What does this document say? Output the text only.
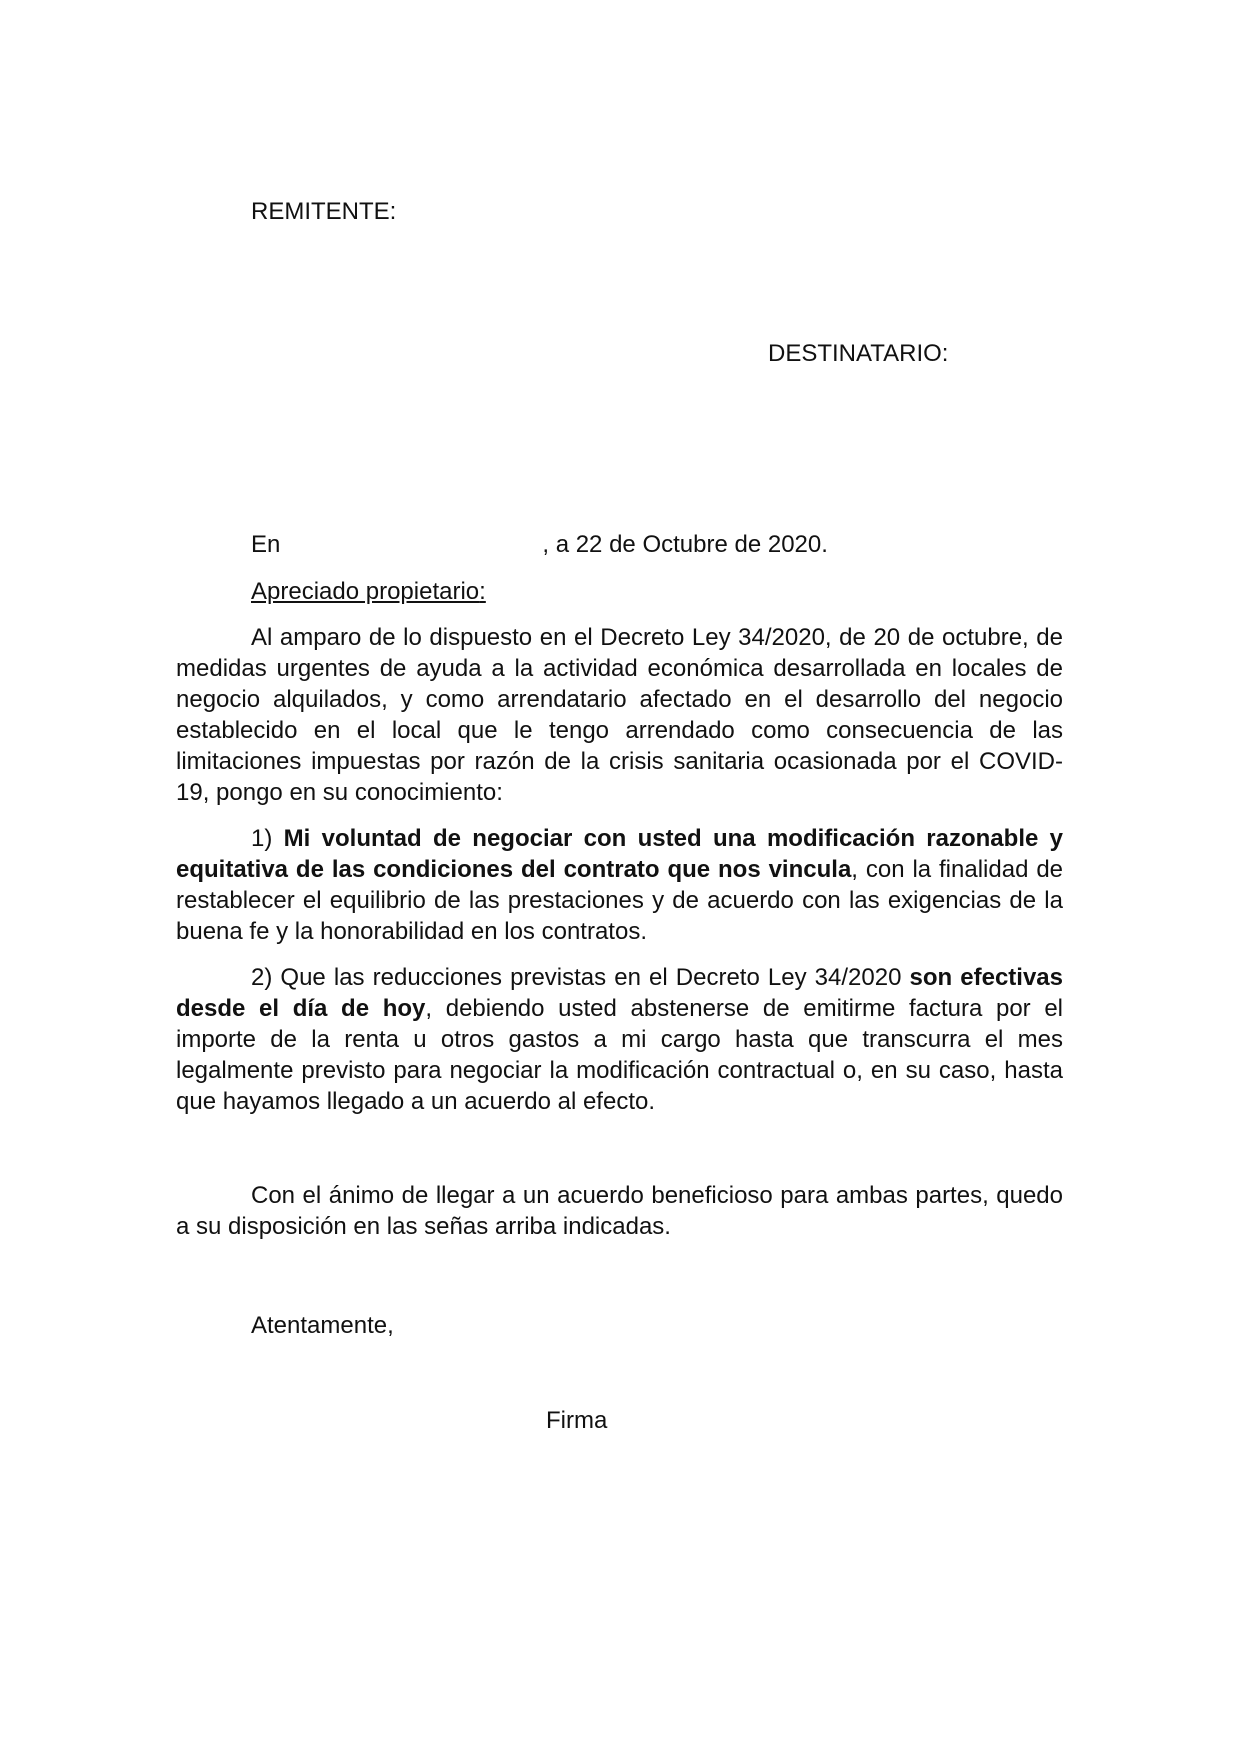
REMITENTE:
DESTINATARIO:
En	, a 22 de Octubre de 2020.
Apreciado propietario:

Al amparo de lo dispuesto en el Decreto Ley 34/2020, de 20 de octubre, de medidas urgentes de ayuda a la actividad económica desarrollada en locales de negocio alquilados, y como arrendatario afectado en el desarrollo del negocio establecido en el local que le tengo arrendado como consecuencia de las limitaciones impuestas por razón de la crisis sanitaria ocasionada por el COVID-19, pongo en su conocimiento:

1) Mi voluntad de negociar con usted una modificación razonable y equitativa de las condiciones del contrato que nos vincula, con la finalidad de restablecer el equilibrio de las prestaciones y de acuerdo con las exigencias de la buena fe y la honorabilidad en los contratos.

2) Que las reducciones previstas en el Decreto Ley 34/2020 son efectivas desde el día de hoy, debiendo usted abstenerse de emitirme factura por el importe de la renta u otros gastos a mi cargo hasta que transcurra el mes legalmente previsto para negociar la modificación contractual o, en su caso, hasta que hayamos llegado a un acuerdo al efecto.

Con el ánimo de llegar a un acuerdo beneficioso para ambas partes, quedo a su disposición en las señas arriba indicadas.

Atentamente,
Firma
